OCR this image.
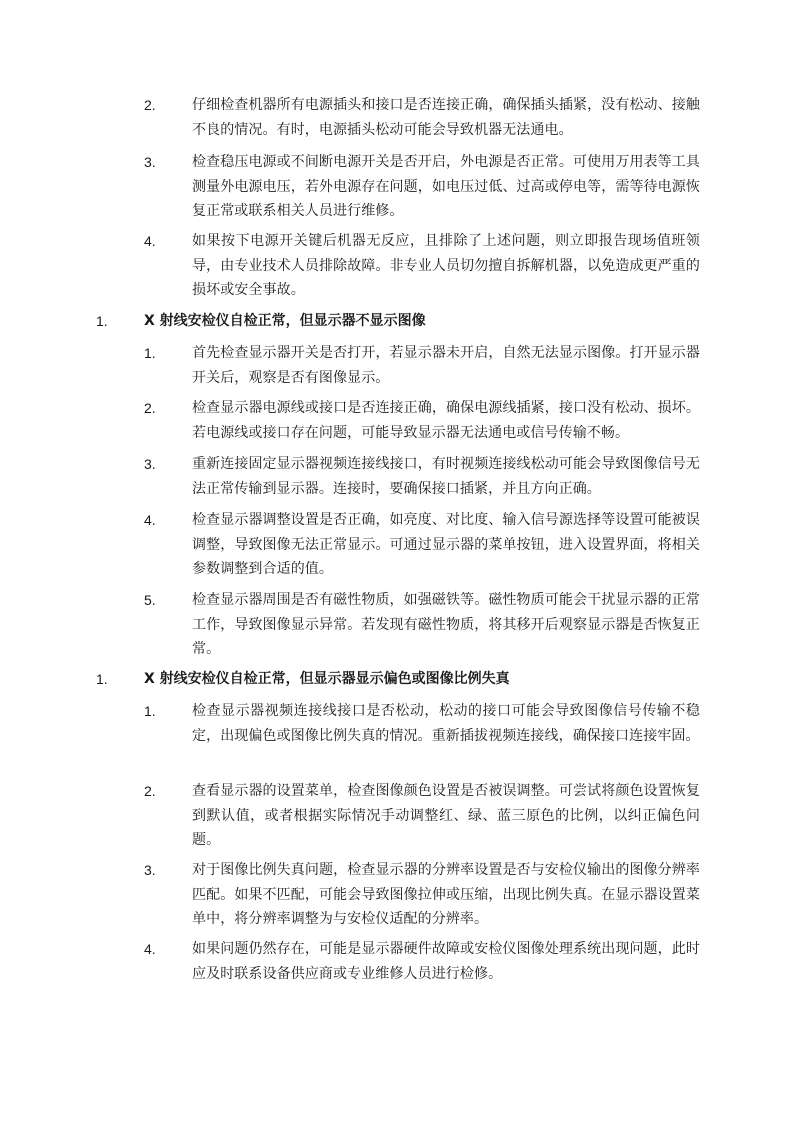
2.	仔细检查机器所有电源插头和接口是否连接正确，确保插头插紧，没有松动、接触不良的情况。有时，电源插头松动可能会导致机器无法通电。
3.	检查稳压电源或不间断电源开关是否开启，外电源是否正常。可使用万用表等工具测量外电源电压，若外电源存在问题，如电压过低、过高或停电等，需等待电源恢复正常或联系相关人员进行维修。
4.	如果按下电源开关键后机器无反应，且排除了上述问题，则立即报告现场值班领导，由专业技术人员排除故障。非专业人员切勿擅自拆解机器，以免造成更严重的损坏或安全事故。
1.	X 射线安检仪自检正常，但显示器不显示图像
1.	首先检查显示器开关是否打开，若显示器未开启，自然无法显示图像。打开显示器开关后，观察是否有图像显示。
2.	检查显示器电源线或接口是否连接正确，确保电源线插紧，接口没有松动、损坏。若电源线或接口存在问题，可能导致显示器无法通电或信号传输不畅。
3.	重新连接固定显示器视频连接线接口，有时视频连接线松动可能会导致图像信号无法正常传输到显示器。连接时，要确保接口插紧，并且方向正确。
4.	检查显示器调整设置是否正确，如亮度、对比度、输入信号源选择等设置可能被误调整，导致图像无法正常显示。可通过显示器的菜单按钮，进入设置界面，将相关参数调整到合适的值。
5.	检查显示器周围是否有磁性物质，如强磁铁等。磁性物质可能会干扰显示器的正常工作，导致图像显示异常。若发现有磁性物质，将其移开后观察显示器是否恢复正常。
1.	X 射线安检仪自检正常，但显示器显示偏色或图像比例失真
1.	检查显示器视频连接线接口是否松动，松动的接口可能会导致图像信号传输不稳定，出现偏色或图像比例失真的情况。重新插拔视频连接线，确保接口连接牢固。
2.	查看显示器的设置菜单，检查图像颜色设置是否被误调整。可尝试将颜色设置恢复到默认值，或者根据实际情况手动调整红、绿、蓝三原色的比例，以纠正偏色问题。
3.	对于图像比例失真问题，检查显示器的分辨率设置是否与安检仪输出的图像分辨率匹配。如果不匹配，可能会导致图像拉伸或压缩，出现比例失真。在显示器设置菜单中，将分辨率调整为与安检仪适配的分辨率。
4.	如果问题仍然存在，可能是显示器硬件故障或安检仪图像处理系统出现问题，此时应及时联系设备供应商或专业维修人员进行检修。
